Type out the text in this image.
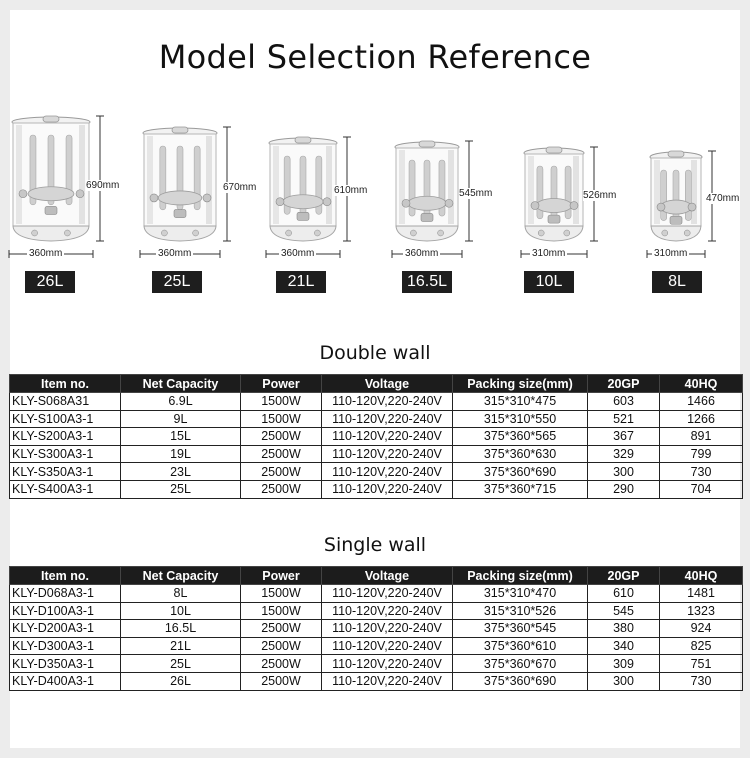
Model Selection Reference
690mm
360mm
26L
670mm
360mm
25L
610mm
360mm
21L
545mm
360mm
16.5L
526mm
310mm
10L
470mm
310mm
8L
Double wall
Item no.	Net Capacity	Power	Voltage	Packing size(mm)	20GP	40HQ
KLY-S068A31	6.9L	1500W	110-120V,220-240V	315*310*475	603	1466
KLY-S100A3-1	9L	1500W	110-120V,220-240V	315*310*550	521	1266
KLY-S200A3-1	15L	2500W	110-120V,220-240V	375*360*565	367	891
KLY-S300A3-1	19L	2500W	110-120V,220-240V	375*360*630	329	799
KLY-S350A3-1	23L	2500W	110-120V,220-240V	375*360*690	300	730
KLY-S400A3-1	25L	2500W	110-120V,220-240V	375*360*715	290	704
Single wall
Item no.	Net Capacity	Power	Voltage	Packing size(mm)	20GP	40HQ
KLY-D068A3-1	8L	1500W	110-120V,220-240V	315*310*470	610	1481
KLY-D100A3-1	10L	1500W	110-120V,220-240V	315*310*526	545	1323
KLY-D200A3-1	16.5L	2500W	110-120V,220-240V	375*360*545	380	924
KLY-D300A3-1	21L	2500W	110-120V,220-240V	375*360*610	340	825
KLY-D350A3-1	25L	2500W	110-120V,220-240V	375*360*670	309	751
KLY-D400A3-1	26L	2500W	110-120V,220-240V	375*360*690	300	730
